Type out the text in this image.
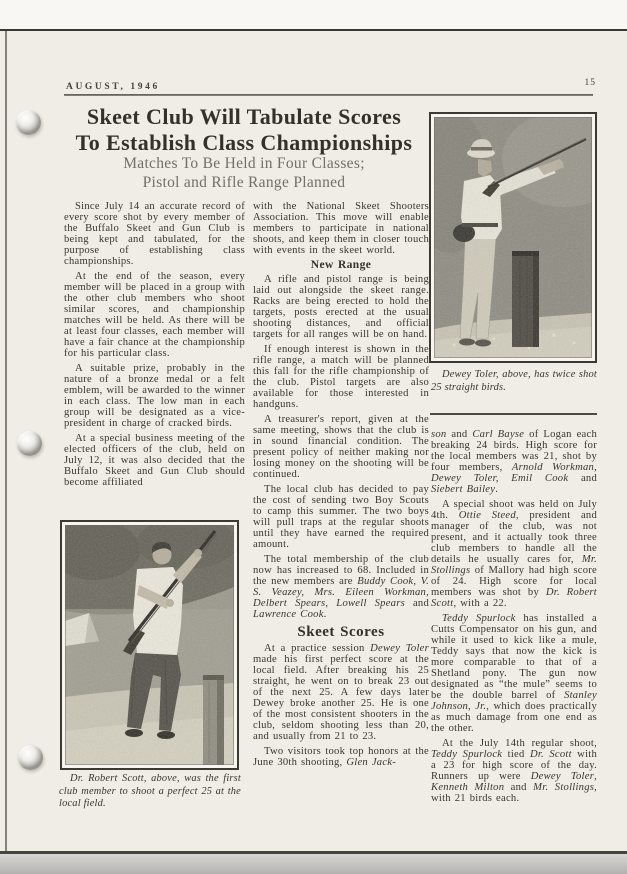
AUGUST, 1946	15
Skeet Club Will Tabulate Scores
To Establish Class Championships
Matches To Be Held in Four Classes;
Pistol and Rifle Range Planned

Since July 14 an accurate record of every score shot by every member of the Buffalo Skeet and Gun Club is being kept and tabulated, for the purpose of establishing class championships.

At the end of the season, every member will be placed in a group with the other club members who shoot similar scores, and championship matches will be held. As there will be at least four classes, each member will have a fair chance at the championship for his particular class.

A suitable prize, probably in the nature of a bronze medal or a felt emblem, will be awarded to the winner in each class. The low man in each group will be designated as a vice-president in charge of cracked birds.

At a special business meeting of the elected officers of the club, held on July 12, it was also decided that the Buffalo Skeet and Gun Club should become affiliated

with the National Skeet Shooters Association. This move will enable members to participate in national shoots, and keep them in closer touch with events in the skeet world.

New Range

A rifle and pistol range is being laid out alongside the skeet range. Racks are being erected to hold the targets, posts erected at the usual shooting distances, and official targets for all ranges will be on hand.

If enough interest is shown in the rifle range, a match will be planned this fall for the rifle championship of the club. Pistol targets are also available for those interested in handguns.

A treasurer's report, given at the same meeting, shows that the club is in sound financial condition. The present policy of neither making nor losing money on the shooting will be continued.

The local club has decided to pay the cost of sending two Boy Scouts to camp this summer. The two boys will pull traps at the regular shoots until they have earned the required amount.

The total membership of the club now has increased to 68. Included in the new members are Buddy Cook, V. S. Veazey, Mrs. Eileen Workman, Delbert Spears, Lowell Spears and Lawrence Cook.

Skeet Scores

At a practice session Dewey Toler made his first perfect score at the local field. After breaking his 25 straight, he went on to break 23 out of the next 25. A few days later Dewey broke another 25. He is one of the most consistent shooters in the club, seldom shooting less than 20, and usually from 21 to 23.

Two visitors took top honors at the June 30th shooting, Glen Jack-

son and Carl Bayse of Logan each breaking 24 birds. High score for the local members was 21, shot by four members, Arnold Workman, Dewey Toler, Emil Cook and Siebert Bailey.

A special shoot was held on July 4th. Ottie Steed, president and manager of the club, was not present, and it actually took three club members to handle all the details he usually cares for, Mr. Stollings of Mallory had high score of 24. High score for local members was shot by Dr. Robert Scott, with a 22.

Teddy Spurlock has installed a Cutts Compensator on his gun, and while it used to kick like a mule, Teddy says that now the kick is more comparable to that of a Shetland pony. The gun now designated as “the mule” seems to be the double barrel of Stanley Johnson, Jr., which does practically as much damage from one end as the other.

At the July 14th regular shoot, Teddy Spurlock tied Dr. Scott with a 23 for high score of the day. Runners up were Dewey Toler, Kenneth Milton and Mr. Stollings, with 21 birds each.

Dewey Toler, above, has twice shot 25 straight birds.
Dr. Robert Scott, above, was the first club member to shoot a perfect 25 at the local field.
